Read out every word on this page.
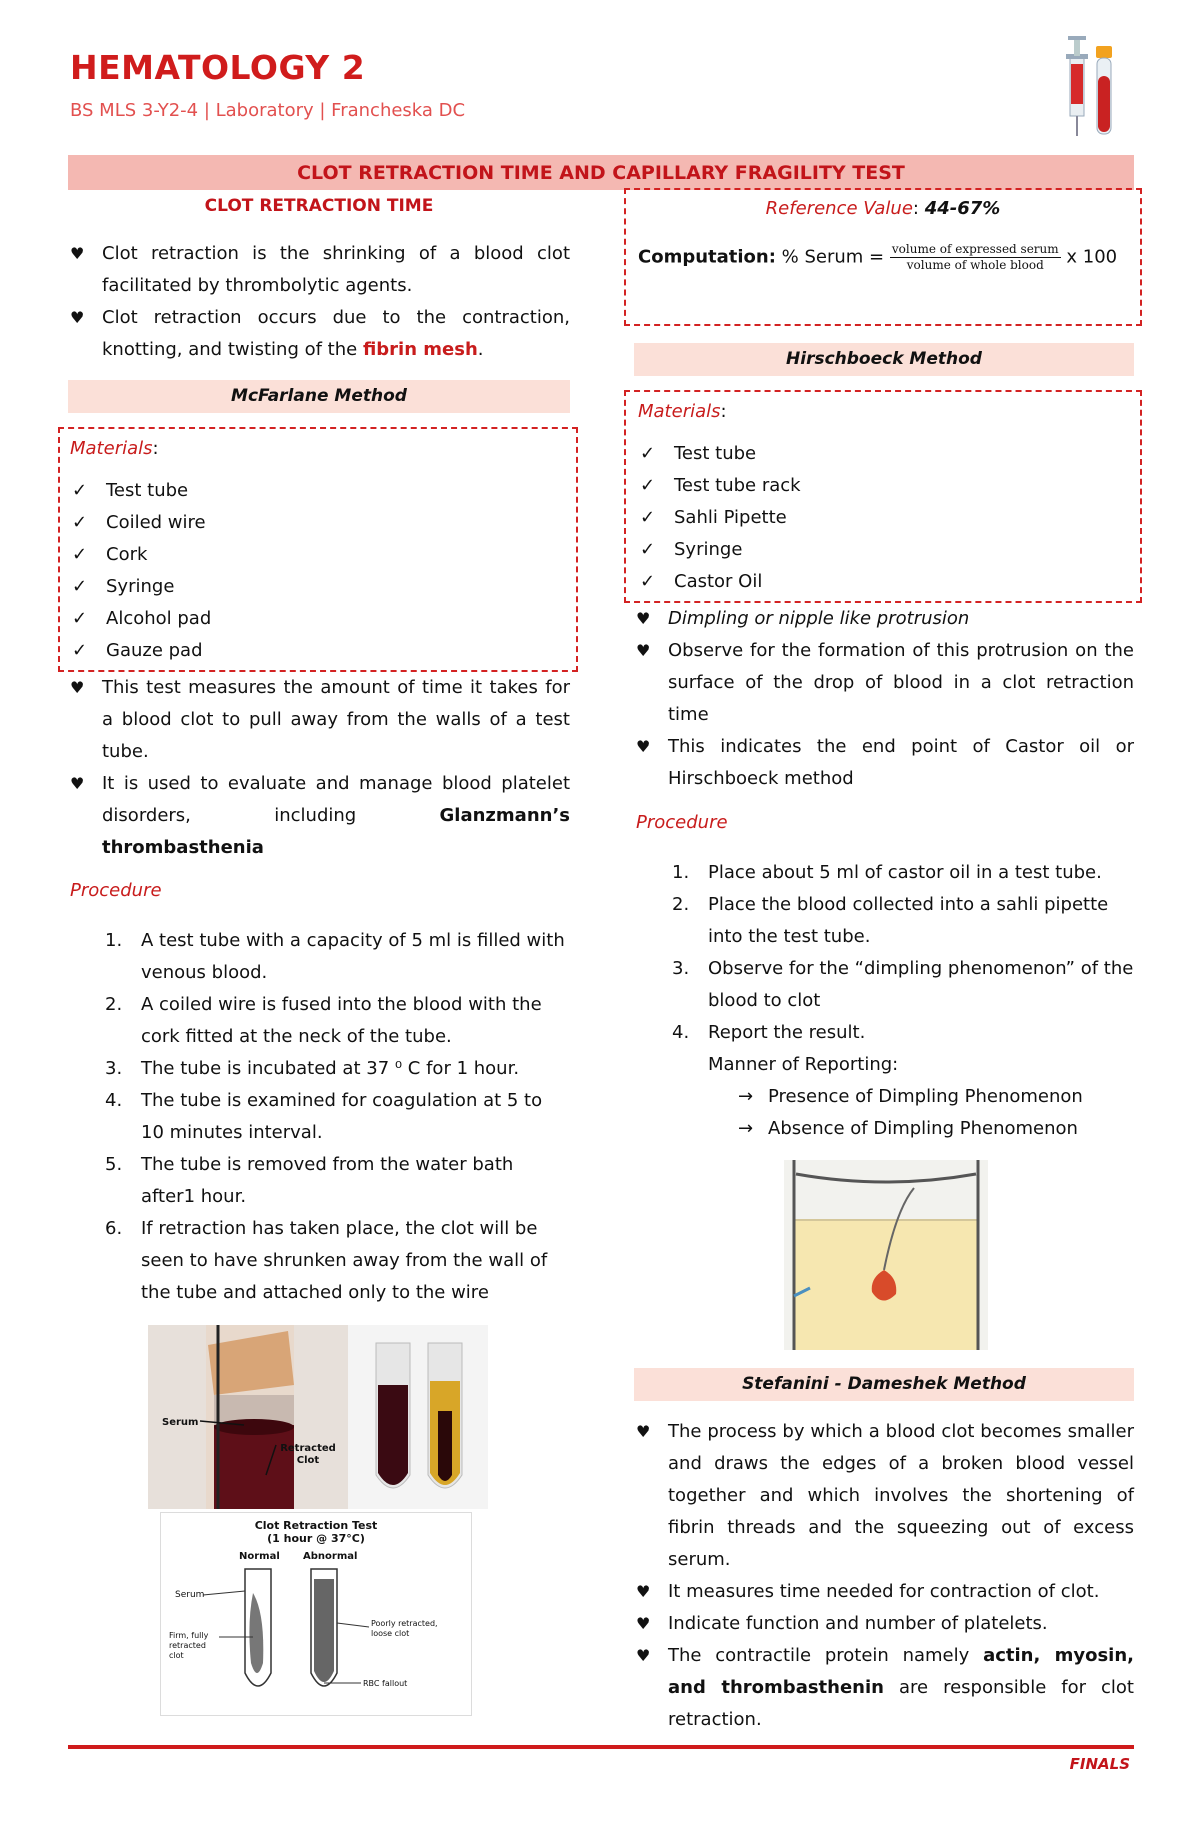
HEMATOLOGY 2
BS MLS 3-Y2-4 | Laboratory | Francheska DC
CLOT RETRACTION TIME AND CAPILLARY FRAGILITY TEST
CLOT RETRACTION TIME
♥ Clot retraction is the shrinking of a blood clot facilitated by thrombolytic agents.
♥ Clot retraction occurs due to the contraction, knotting, and twisting of the fibrin mesh.
McFarlane Method
Materials:
✓ Test tube
✓ Coiled wire
✓ Cork
✓ Syringe
✓ Alcohol pad
✓ Gauze pad
♥ This test measures the amount of time it takes for a blood clot to pull away from the walls of a test tube.
♥ It is used to evaluate and manage blood platelet disorders, including Glanzmann’s thrombasthenia
Procedure
1. A test tube with a capacity of 5 ml is filled with venous blood.
2. A coiled wire is fused into the blood with the cork fitted at the neck of the tube.
3. The tube is incubated at 37 ⁰ C for 1 hour.
4. The tube is examined for coagulation at 5 to 10 minutes interval.
5. The tube is removed from the water bath after1 hour.
6. If retraction has taken place, the clot will be seen to have shrunken away from the wall of the tube and attached only to the wire
Serum
Retracted Clot
Clot Retraction Test
(1 hour @ 37°C)
Normal Abnormal
Serum
Firm, fully retracted clot
Poorly retracted, loose clot
RBC fallout
Reference Value: 44-67%
Computation: % Serum = $\frac{\text{volume of expressed serum}}{\text{volume of whole blood}}$ x 100
Hirschboeck Method
Materials:
✓ Test tube
✓ Test tube rack
✓ Sahli Pipette
✓ Syringe
✓ Castor Oil
♥ Dimpling or nipple like protrusion
♥ Observe for the formation of this protrusion on the surface of the drop of blood in a clot retraction time
♥ This indicates the end point of Castor oil or Hirschboeck method
Procedure
1. Place about 5 ml of castor oil in a test tube.
2. Place the blood collected into a sahli pipette into the test tube.
3. Observe for the “dimpling phenomenon” of the blood to clot
4. Report the result.
Manner of Reporting:
→ Presence of Dimpling Phenomenon
→ Absence of Dimpling Phenomenon
Stefanini - Dameshek Method
♥ The process by which a blood clot becomes smaller and draws the edges of a broken blood vessel together and which involves the shortening of fibrin threads and the squeezing out of excess serum.
♥ It measures time needed for contraction of clot.
♥ Indicate function and number of platelets.
♥ The contractile protein namely actin, myosin, and thrombasthenin are responsible for clot retraction.
FINALS
